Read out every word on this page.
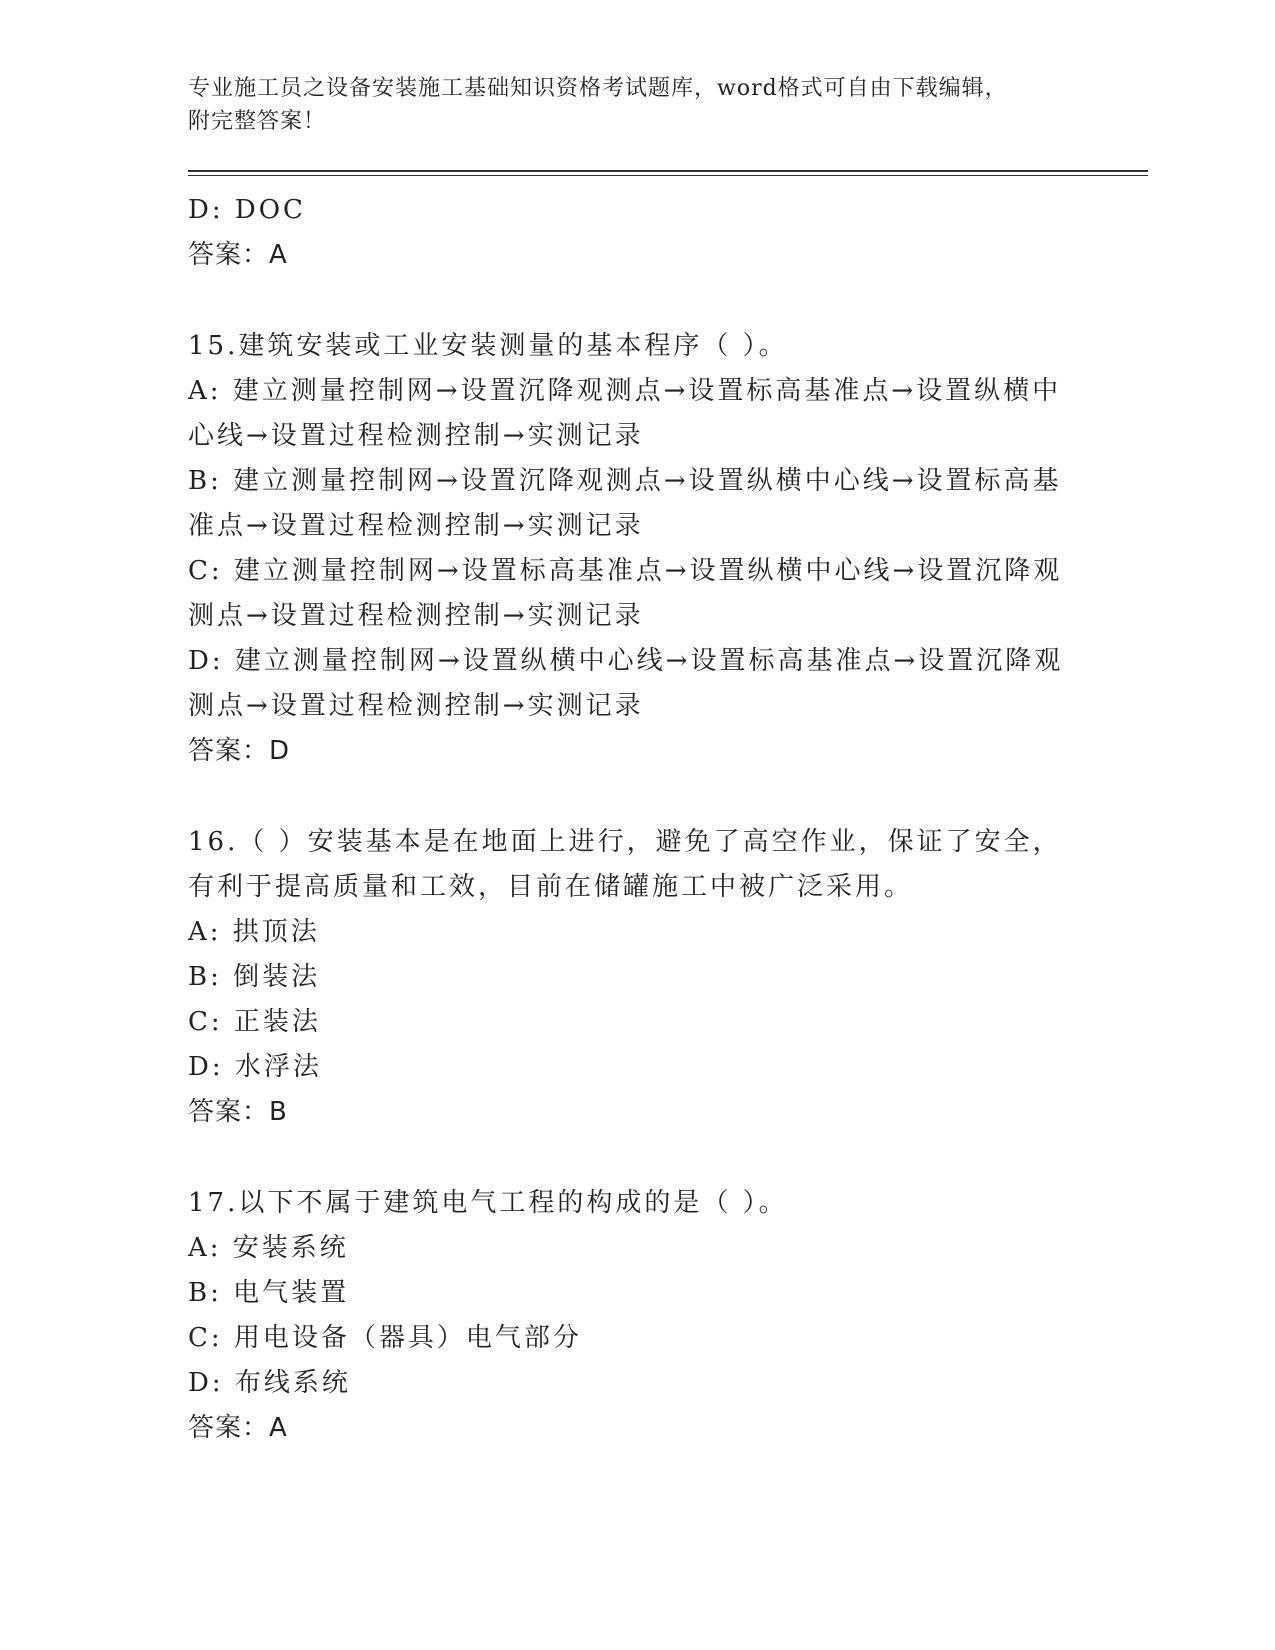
专业施工员之设备安装施工基础知识资格考试题库，word格式可自由下载编辑，
附完整答案！
D: DOC
答案：A
15.建筑安装或工业安装测量的基本程序（ ）。
A: 建立测量控制网→设置沉降观测点→设置标高基准点→设置纵横中
心线→设置过程检测控制→实测记录
B: 建立测量控制网→设置沉降观测点→设置纵横中心线→设置标高基
准点→设置过程检测控制→实测记录
C: 建立测量控制网→设置标高基准点→设置纵横中心线→设置沉降观
测点→设置过程检测控制→实测记录
D: 建立测量控制网→设置纵横中心线→设置标高基准点→设置沉降观
测点→设置过程检测控制→实测记录
答案：D
16.（ ）安装基本是在地面上进行，避免了高空作业，保证了安全，
有利于提高质量和工效，目前在储罐施工中被广泛采用。
A: 拱顶法
B: 倒装法
C: 正装法
D: 水浮法
答案：B
17.以下不属于建筑电气工程的构成的是（ ）。
A: 安装系统
B: 电气装置
C: 用电设备（器具）电气部分
D: 布线系统
答案：A
